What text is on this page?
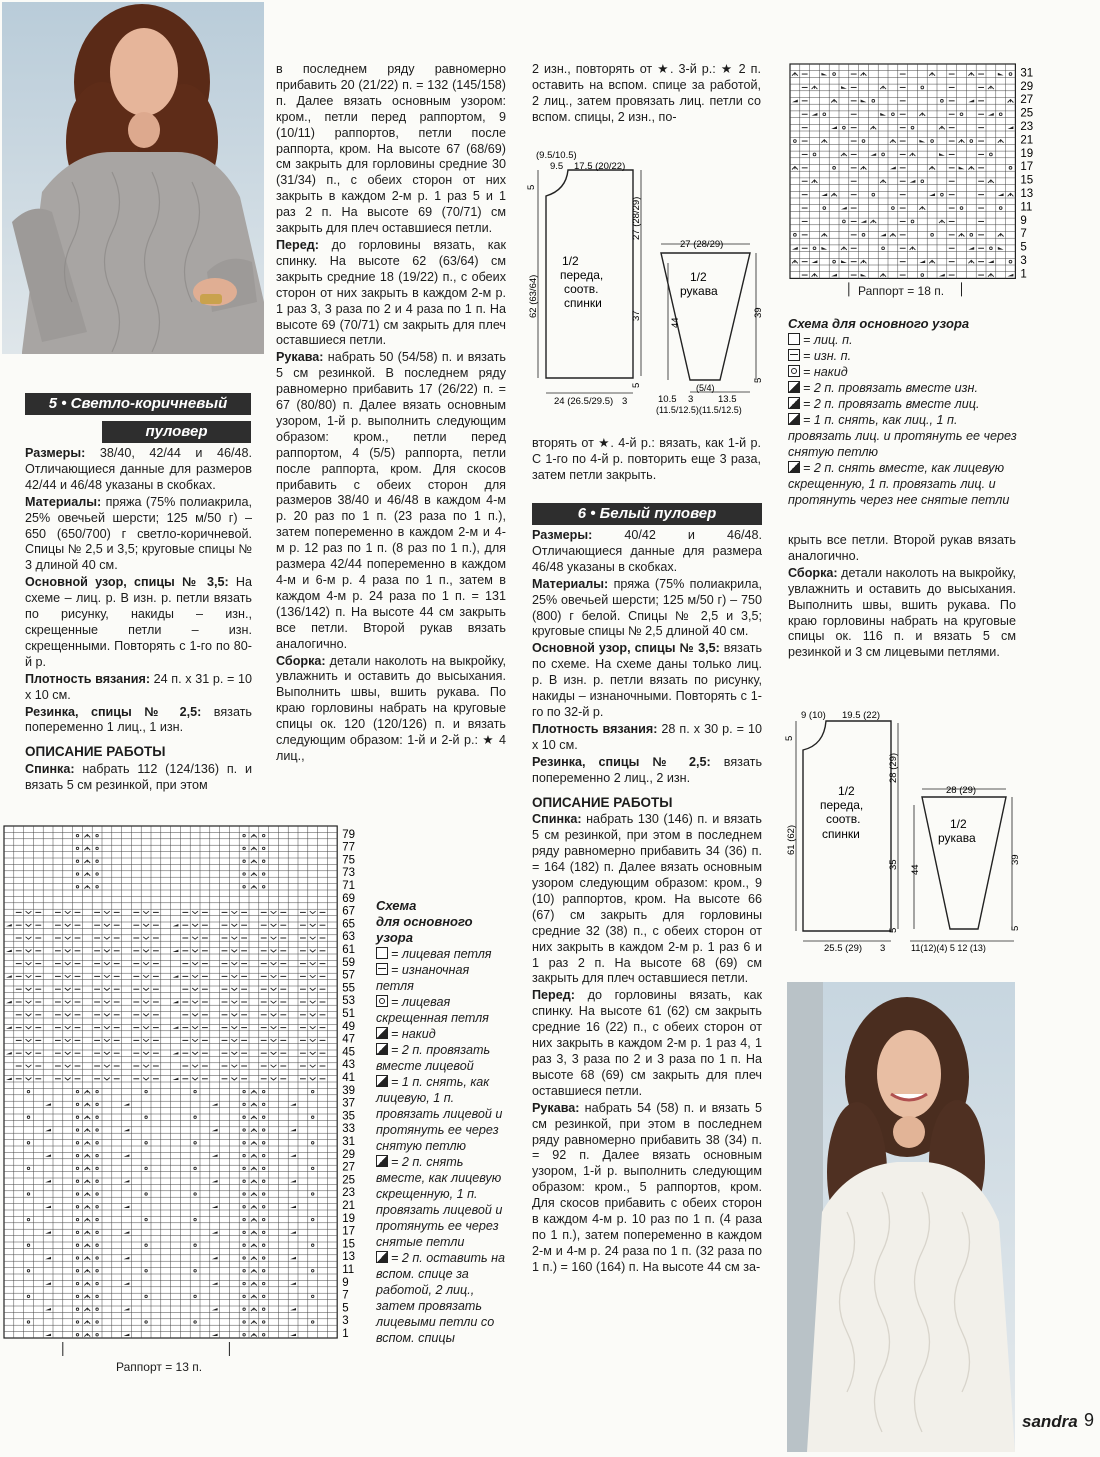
5 • Светло-коричневый
пуловер

Размеры: 38/40, 42/44 и 46/48. Отличающиеся данные для размеров 42/44 и 46/48 указаны в скобках.

Материалы: пряжа (75% полиакрила, 25% овечьей шерсти; 125 м/50 г) – 650 (650/700) г светло-коричневой. Спицы № 2,5 и 3,5; круговые спицы № 3 длиной 40 см.

Основной узор, спицы № 3,5: На схеме – лиц. р. В изн. р. петли вязать по рисунку, накиды – изн., скрещенные петли – изн. скрещенными. Повторять с 1-го по 80-й р.

Плотность вязания: 24 п. х 31 р. = 10 х 10 см.

Резинка, спицы № 2,5: вязать попеременно 1 лиц., 1 изн.

ОПИСАНИЕ РАБОТЫ

Спинка: набрать 112 (124/136) п. и вязать 5 см резинкой, при этом

в последнем ряду равномерно прибавить 20 (21/22) п. = 132 (145/158) п. Далее вязать основным узором: кром., петли перед раппортом, 9 (10/11) раппортов, петли после раппорта, кром. На высоте 67 (68/69) см закрыть для горловины средние 30 (31/34) п., с обеих сторон от них закрыть в каждом 2-м р. 1 раз 5 и 1 раз 2 п. На высоте 69 (70/71) см закрыть для плеч оставшиеся петли.

Перед: до горловины вязать, как спинку. На высоте 62 (63/64) см закрыть средние 18 (19/22) п., с обеих сторон от них закрыть в каждом 2-м р. 1 раз 3, 3 раза по 2 и 4 раза по 1 п. На высоте 69 (70/71) см закрыть для плеч оставшиеся петли.

Рукава: набрать 50 (54/58) п. и вязать 5 см резинкой. В последнем ряду равномерно прибавить 17 (26/22) п. = 67 (80/80) п. Далее вязать основным узором, 1-й р. выполнить следующим образом: кром., петли перед раппортом, 4 (5/5) раппорта, петли после раппорта, кром. Для скосов прибавить с обеих сторон для размеров 38/40 и 46/48 в каждом 4-м р. 20 раз по 1 п. (23 раза по 1 п.), затем попеременно в каждом 2-м и 4-м р. 12 раз по 1 п. (8 раз по 1 п.), для размера 42/44 попеременно в каждом 4-м и 6-м р. 4 раза по 1 п., затем в каждом 4-м р. 24 раза по 1 п. = 131 (136/142) п. На высоте 44 см закрыть все петли. Второй рукав вязать аналогично.

Сборка: детали наколоть на выкройку, увлажнить и оставить до высыхания. Выполнить швы, вшить рукава. По краю горловины набрать на круговые спицы ок. 120 (120/126) п. и вязать следующим образом: 1-й и 2-й р.: ★ 4 лиц.,

2 изн., повторять от ★. 3-й р.: ★ 2 п. оставить на вспом. спице за работой, 2 лиц., затем провязать лиц. петли со вспом. спицы, 2 изн., по-

(9.5/10.5)
9.5 17.5 (20/22)
5
62 (63/64)
27 (28/29)
37
5
24 (26.5/29.5) 3
1/2
переда,
соотв.
спинки
27 (28/29)
1/2
рукава
39
44
5
(5/4)
10.5 3	13.5
(11.5/12.5)(11.5/12.5)

вторять от ★. 4-й р.: вязать, как 1-й р. С 1-го по 4-й р. повторить еще 3 раза, затем петли закрыть.

6 • Белый пуловер

Размеры: 40/42 и 46/48. Отличающиеся данные для размера 46/48 указаны в скобках.

Материалы: пряжа (75% полиакрила, 25% овечьей шерсти; 125 м/50 г) – 750 (800) г белой. Спицы № 2,5 и 3,5; круговые спицы № 2,5 длиной 40 см.

Основной узор, спицы № 3,5: вязать по схеме. На схеме даны только лиц. р. В изн. р. петли вязать по рисунку, накиды – изнаночными. Повторять с 1-го по 32-й р.

Плотность вязания: 28 п. х 30 р. = 10 х 10 см.

Резинка, спицы № 2,5: вязать попеременно 2 лиц., 2 изн.

ОПИСАНИЕ РАБОТЫ

Спинка: набрать 130 (146) п. и вязать 5 см резинкой, при этом в последнем ряду равномерно прибавить 34 (36) п. = 164 (182) п. Далее вязать основным узором следующим образом: кром., 9 (10) раппортов, кром. На высоте 66 (67) см закрыть для горловины средние 32 (38) п., с обеих сторон от них закрыть в каждом 2-м р. 1 раз 6 и 1 раз 2 п. На высоте 68 (69) см закрыть для плеч оставшиеся петли.

Перед: до горловины вязать, как спинку. На высоте 61 (62) см закрыть средние 16 (22) п., с обеих сторон от них закрыть в каждом 2-м р. 1 раз 4, 1 раз 3, 3 раза по 2 и 3 раза по 1 п. На высоте 68 (69) см закрыть для плеч оставшиеся петли.

Рукава: набрать 54 (58) п. и вязать 5 см резинкой, при этом в последнем ряду равномерно прибавить 38 (34) п. = 92 п. Далее вязать основным узором, 1-й р. выполнить следующим образом: кром., 5 раппортов, кром. Для скосов прибавить с обеих сторон в каждом 4-м р. 10 раз по 1 п. (4 раза по 1 п.), затем попеременно в каждом 2-м и 4-м р. 24 раза по 1 п. (32 раза по 1 п.) = 160 (164) п. На высоте 44 см за-

31
29
27
25
23
21
19
17
15
13
11
9
7
5
3
1
Раппорт = 18 п.
Схема для основного узора
= лиц. п.
= изн. п.
= накид
= 2 п. провязать вместе изн.
= 2 п. провязать вместе лиц.
= 1 п. снять, как лиц., 1 п. провязать лиц. и протянуть ее через снятую петлю
= 2 п. снять вместе, как лицевую скрещенную, 1 п. провязать лиц. и протянуть через нее снятые петли

крыть все петли. Второй рукав вязать аналогично.

Сборка: детали наколоть на выкройку, увлажнить и оставить до высыхания. Выполнить швы, вшить рукава. По краю горловины набрать на круговые спицы ок. 116 п. и вязать 5 см резинкой и 3 см лицевыми петлями.

9 (10) 19.5 (22)
5
61 (62)
28 (29)
35
5
25.5 (29) 3
1/2
переда,
соотв.
спинки
28 (29)
1/2
рукава
39
44
5
11(12)(4) 5 12 (13)
79
77
75
73
71
69
67
65
63
61
59
57
55
53
51
49
47
45
43
41
39
37
35
33
31
29
27
25
23
21
19
17
15
13
11
9
7
5
3
1
Раппорт = 13 п.
Схема
для основного
узора
= лицевая петля
= изнаночная петля
= лицевая скрещенная петля
= накид
= 2 п. провязать вместе лицевой
= 1 п. снять, как лицевую, 1 п. провязать лицевой и протянуть ее через снятую петлю
= 2 п. снять вместе, как лицевую скрещенную, 1 п. провязать лицевой и протянуть ее через снятые петли
= 2 п. оставить на вспом. спице за работой, 2 лиц., затем провязать лицевыми петли со вспом. спицы
sandra 9
